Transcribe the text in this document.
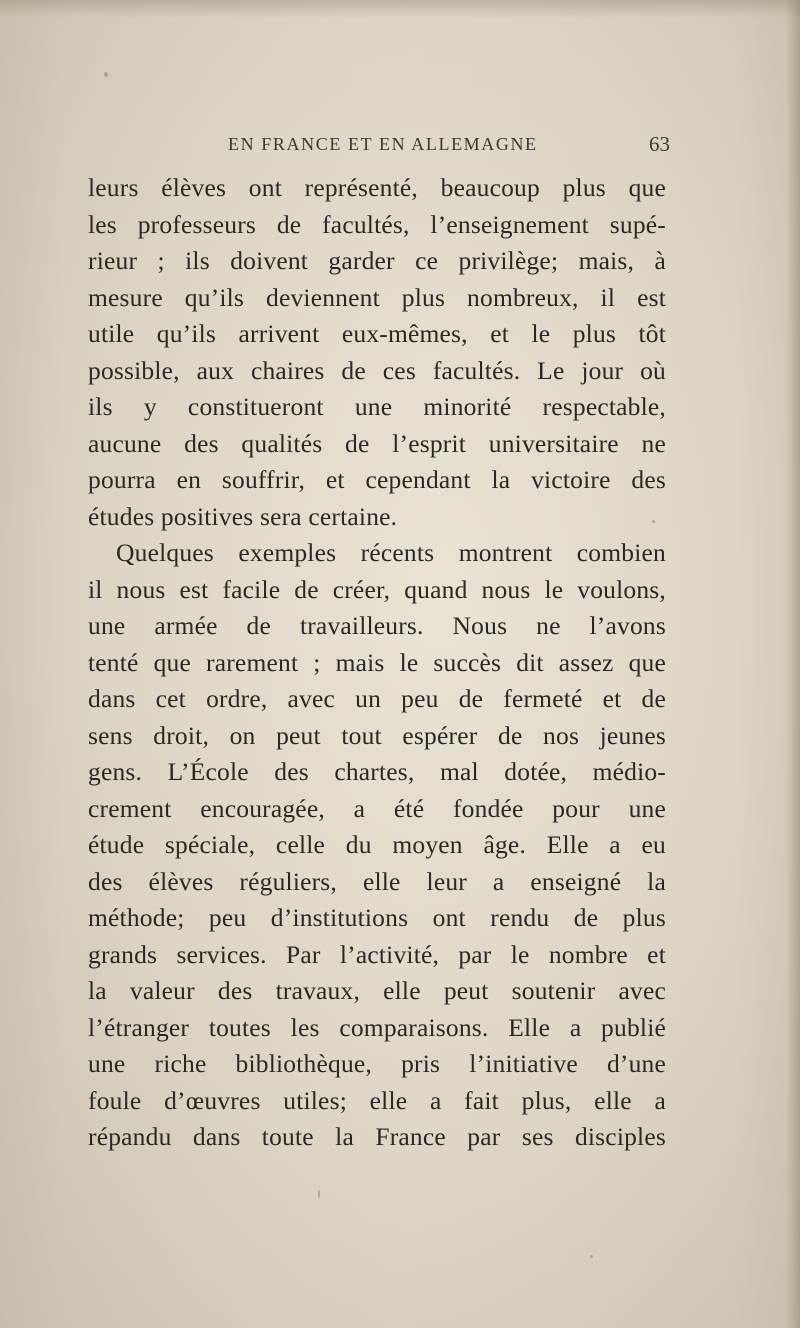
EN FRANCE ET EN ALLEMAGNE	63
leurs élèves ont représenté, beaucoup plus que
les professeurs de facultés, l’enseignement supé-
rieur ; ils doivent garder ce privilège; mais, à
mesure qu’ils deviennent plus nombreux, il est
utile qu’ils arrivent eux-mêmes, et le plus tôt
possible, aux chaires de ces facultés. Le jour où
ils y constitueront une minorité respectable,
aucune des qualités de l’esprit universitaire ne
pourra en souffrir, et cependant la victoire des
études positives sera certaine.
Quelques exemples récents montrent combien
il nous est facile de créer, quand nous le voulons,
une armée de travailleurs. Nous ne l’avons
tenté que rarement ; mais le succès dit assez que
dans cet ordre, avec un peu de fermeté et de
sens droit, on peut tout espérer de nos jeunes
gens. L’École des chartes, mal dotée, médio-
crement encouragée, a été fondée pour une
étude spéciale, celle du moyen âge. Elle a eu
des élèves réguliers, elle leur a enseigné la
méthode; peu d’institutions ont rendu de plus
grands services. Par l’activité, par le nombre et
la valeur des travaux, elle peut soutenir avec
l’étranger toutes les comparaisons. Elle a publié
une riche bibliothèque, pris l’initiative d’une
foule d’œuvres utiles; elle a fait plus, elle a
répandu dans toute la France par ses disciples
